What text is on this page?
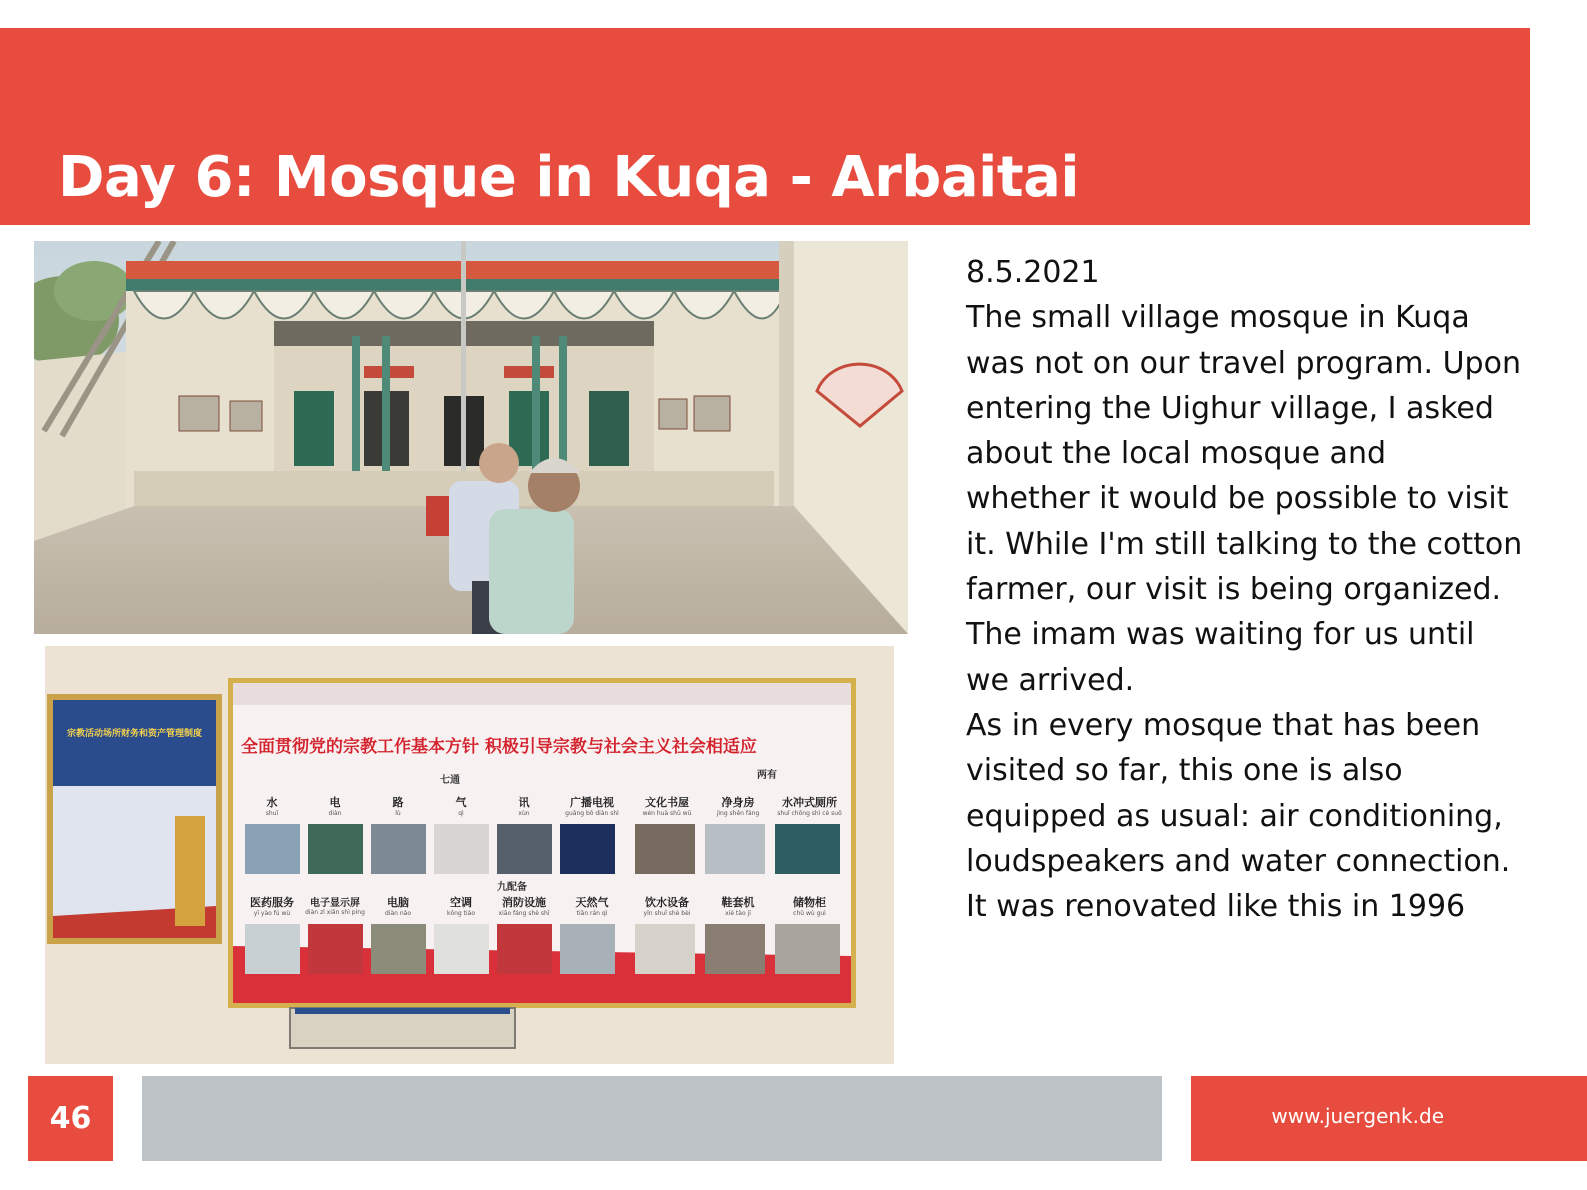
Day 6: Mosque in Kuqa - Arbaitai
宗教活动场所财务和资产管理制度
全面贯彻党的宗教工作基本方针 积极引导宗教与社会主义社会相适应
七通	两有
九配备
水
shuǐ
电
diàn
路
lù
气
qì
讯
xùn
广播电视
guǎng bō diàn shì
文化书屋
wén huà shū wū
净身房
jìng shēn fáng
水冲式厕所
shuǐ chōng shì cè suǒ
医药服务
yī yào fú wù
电子显示屏
diàn zǐ xiǎn shì píng
电脑
diàn nǎo
空调
kōng tiáo
消防设施
xiāo fáng shè shī
天然气
tiān rán qì
饮水设备
yǐn shuǐ shè bèi
鞋套机
xié tào jī
储物柜
chǔ wù guì

8.5.2021
The small village mosque in Kuqa
was not on our travel program. Upon
entering the Uighur village, I asked
about the local mosque and
whether it would be possible to visit
it. While I'm still talking to the cotton
farmer, our visit is being organized.
The imam was waiting for us until
we arrived.

As in every mosque that has been
visited so far, this one is also
equipped as usual: air conditioning,
loudspeakers and water connection.
It was renovated like this in 1996

46	www.juergenk.de
